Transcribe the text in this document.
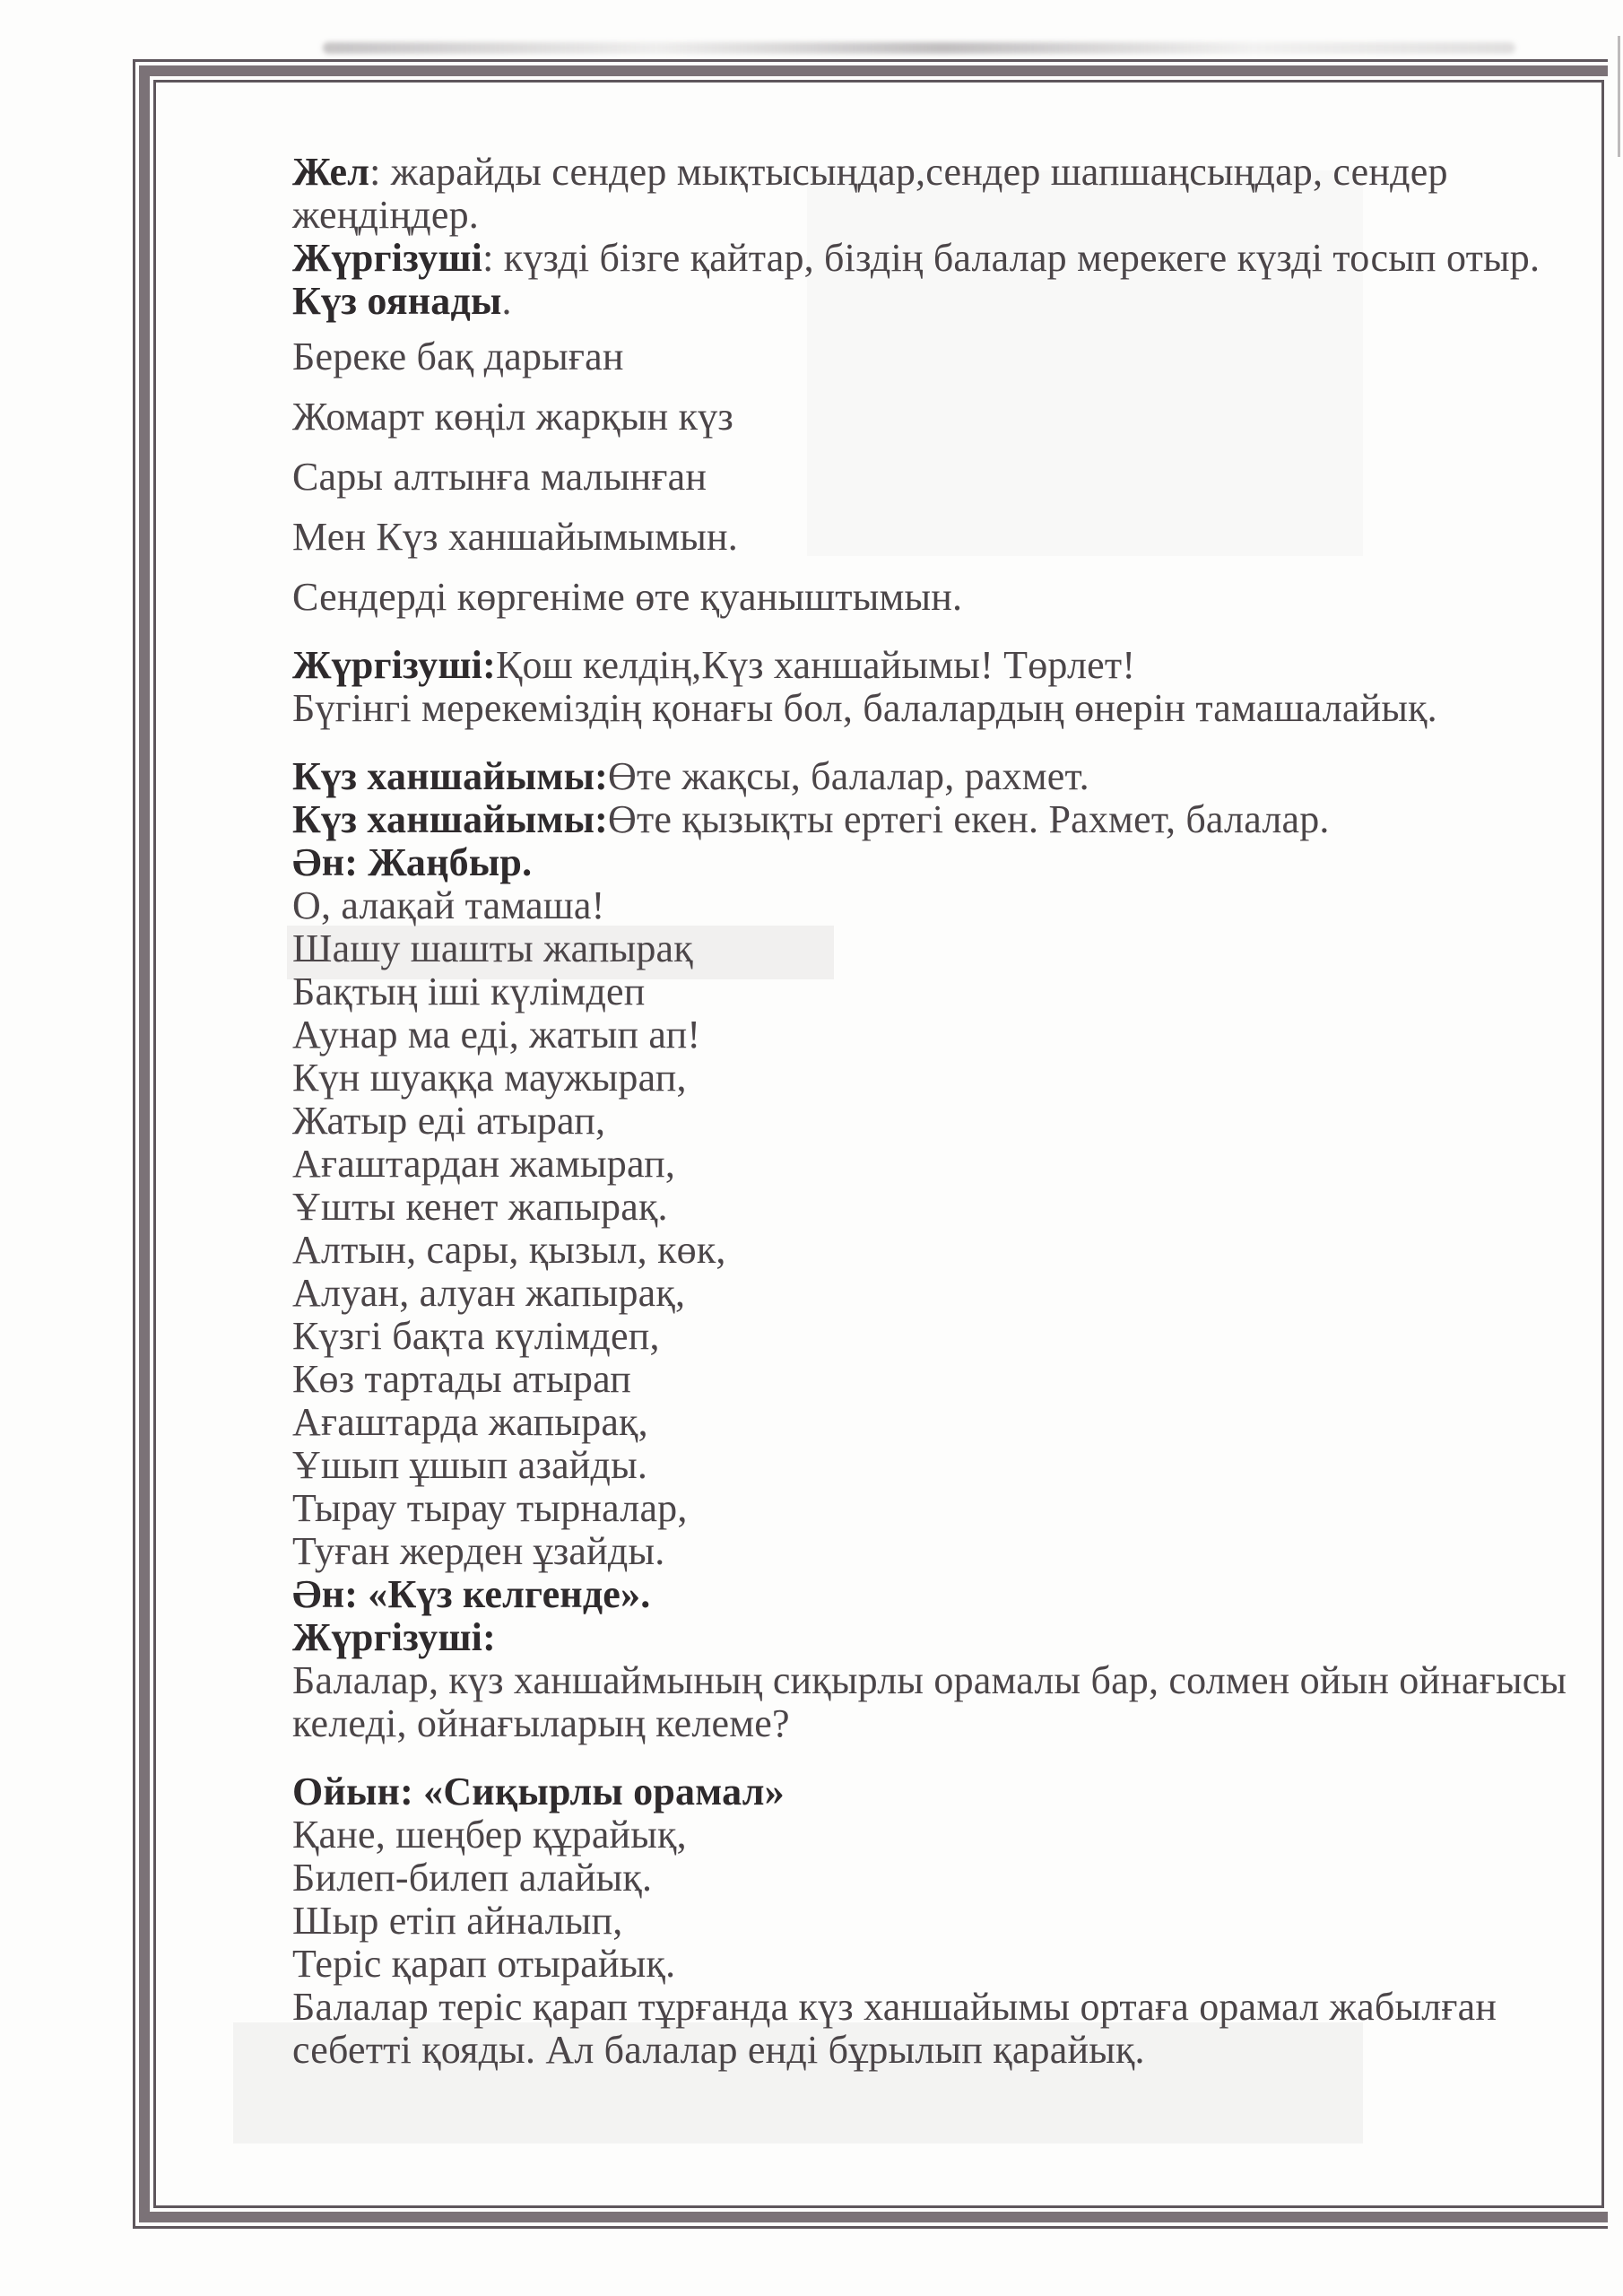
Жел: жарайды сендер мықтысыңдар,сендер шапшаңсыңдар, сендер

жеңдіңдер.

Жүргізуші: күзді бізге қайтар, біздің балалар мерекеге күзді тосып отыр.

Күз оянады.

Береке бақ дарыған

Жомарт көңіл жарқын күз

Сары алтынға малынған

Мен Күз ханшайымымын.

Сендерді көргеніме өте қуаныштымын.

Жүргізуші:Қош келдің,Күз ханшайымы! Төрлет!

Бүгінгі мерекеміздің қонағы бол, балалардың өнерін тамашалайық.

Күз ханшайымы:Өте жақсы, балалар, рахмет.

Күз ханшайымы:Өте қызықты ертегі екен. Рахмет, балалар.

Ән: Жаңбыр.

О, алақай тамаша!

Шашу шашты жапырақ

Бақтың іші күлімдеп

Аунар ма еді, жатып ап!

Күн шуаққа маужырап,

Жатыр еді атырап,

Ағаштардан жамырап,

Ұшты кенет жапырақ.

Алтын, сары, қызыл, көк,

Алуан, алуан жапырақ,

Күзгі бақта күлімдеп,

Көз тартады атырап

Ағаштарда жапырақ,

Ұшып ұшып азайды.

Тырау тырау тырналар,

Туған жерден ұзайды.

Ән: «Күз келгенде».

Жүргізуші:

Балалар, күз ханшаймының сиқырлы орамалы бар, солмен ойын ойнағысы

келеді, ойнағыларың келеме?

Ойын: «Сиқырлы орамал»

Қане, шеңбер құрайық,

Билеп-билеп алайық.

Шыр етіп айналып,

Теріс қарап отырайық.

Балалар теріс қарап тұрғанда күз ханшайымы ортаға орамал жабылған

себетті қояды. Ал балалар енді бұрылып қарайық.
